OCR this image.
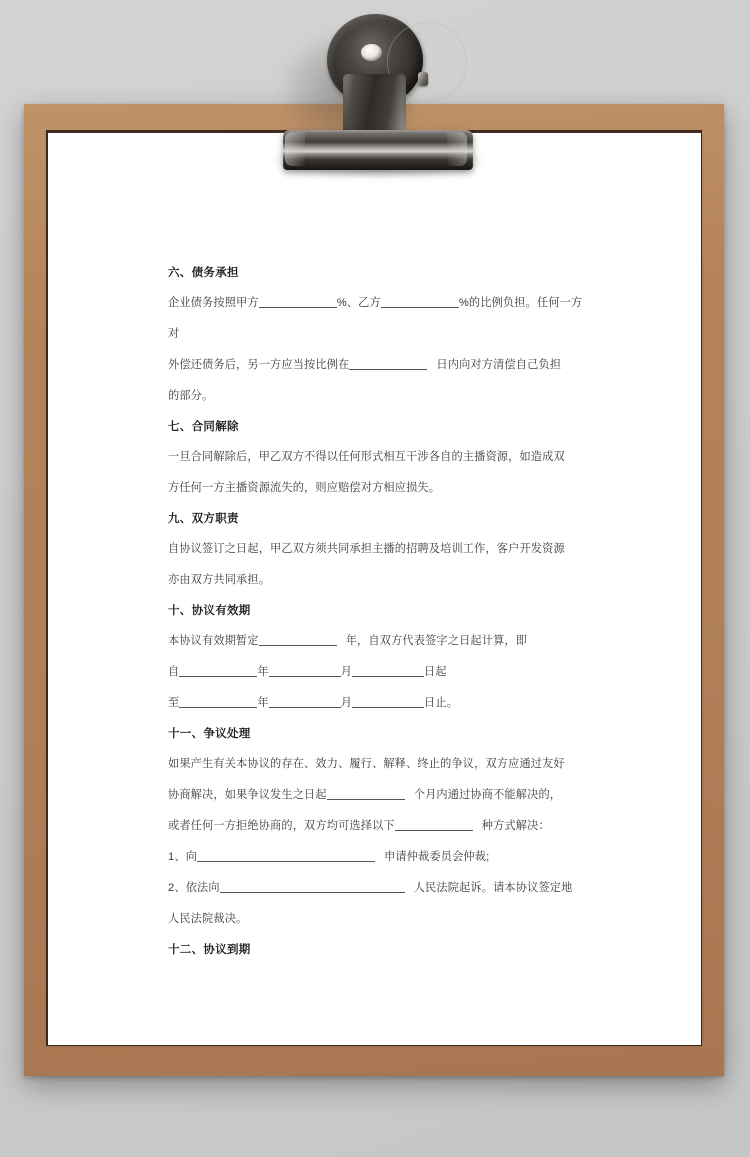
六、债务承担
企业债务按照甲方	%、乙方	%的比例负担。任何一方对
外偿还债务后，另一方应当按比例在	日内向对方清偿自己负担
的部分。
七、合同解除
一旦合同解除后，甲乙双方不得以任何形式相互干涉各自的主播资源，如造成双
方任何一方主播资源流失的，则应赔偿对方相应损失。
九、双方职责
自协议签订之日起，甲乙双方须共同承担主播的招聘及培训工作，客户开发资源
亦由双方共同承担。
十、协议有效期
本协议有效期暂定	年，自双方代表签字之日起计算，即
自	年	月	日起
至	年	月	日止。
十一、争议处理
如果产生有关本协议的存在、效力、履行、解释、终止的争议，双方应通过友好
协商解决，如果争议发生之日起	个月内通过协商不能解决的，
或者任何一方拒绝协商的，双方均可选择以下	种方式解决：
1、向	申请仲裁委员会仲裁;
2、依法向	人民法院起诉。请本协议签定地
人民法院裁决。
十二、协议到期
